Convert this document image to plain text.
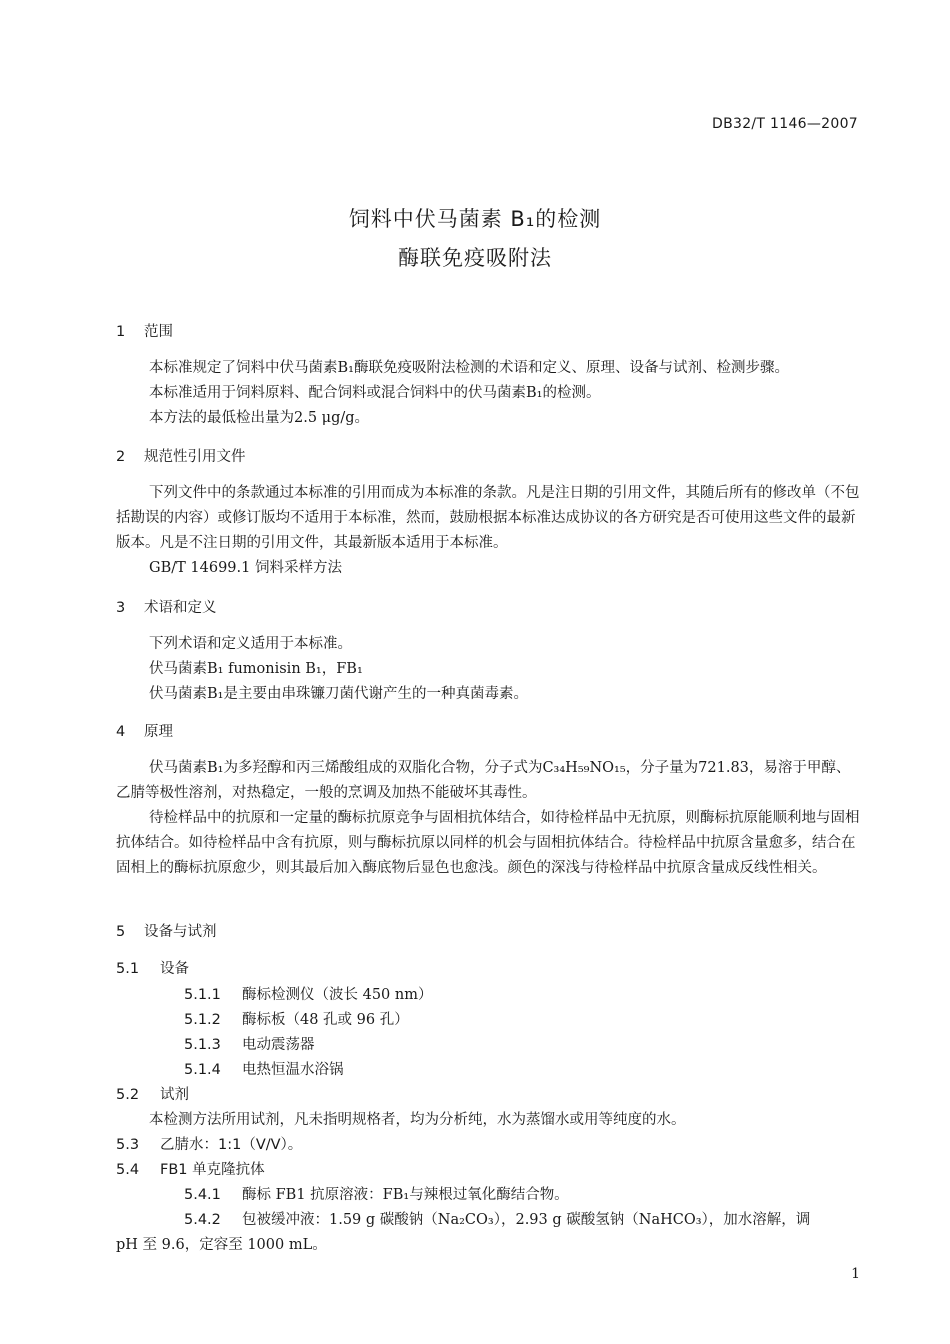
DB32/T 1146—2007
饲料中伏马菌素 B₁的检测
酶联免疫吸附法
1 范围
本标准规定了饲料中伏马菌素B₁酶联免疫吸附法检测的术语和定义、原理、设备与试剂、检测步骤。
本标准适用于饲料原料、配合饲料或混合饲料中的伏马菌素B₁的检测。
本方法的最低检出量为2.5 μg/g。
2 规范性引用文件
下列文件中的条款通过本标准的引用而成为本标准的条款。凡是注日期的引用文件，其随后所有的修改单（不包括勘误的内容）或修订版均不适用于本标准，然而，鼓励根据本标准达成协议的各方研究是否可使用这些文件的最新版本。凡是不注日期的引用文件，其最新版本适用于本标准。
GB/T 14699.1 饲料采样方法
3 术语和定义
下列术语和定义适用于本标准。
伏马菌素B₁ fumonisin B₁，FB₁
伏马菌素B₁是主要由串珠镰刀菌代谢产生的一种真菌毒素。
4 原理
伏马菌素B₁为多羟醇和丙三烯酸组成的双脂化合物，分子式为C₃₄H₅₉NO₁₅，分子量为721.83，易溶于甲醇、乙腈等极性溶剂，对热稳定，一般的烹调及加热不能破坏其毒性。
待检样品中的抗原和一定量的酶标抗原竞争与固相抗体结合，如待检样品中无抗原，则酶标抗原能顺利地与固相抗体结合。如待检样品中含有抗原，则与酶标抗原以同样的机会与固相抗体结合。待检样品中抗原含量愈多，结合在固相上的酶标抗原愈少，则其最后加入酶底物后显色也愈浅。颜色的深浅与待检样品中抗原含量成反线性相关。
5 设备与试剂
5.1 设备
5.1.1 酶标检测仪（波长 450 nm）
5.1.2 酶标板（48 孔或 96 孔）
5.1.3 电动震荡器
5.1.4 电热恒温水浴锅
5.2 试剂
本检测方法所用试剂，凡未指明规格者，均为分析纯，水为蒸馏水或用等纯度的水。
5.3 乙腈水：1:1（V/V）。
5.4 FB1 单克隆抗体
5.4.1 酶标 FB1 抗原溶液：FB₁与辣根过氧化酶结合物。
5.4.2 包被缓冲液：1.59 g 碳酸钠（Na₂CO₃），2.93 g 碳酸氢钠（NaHCO₃），加水溶解，调
pH 至 9.6，定容至 1000 mL。
1
